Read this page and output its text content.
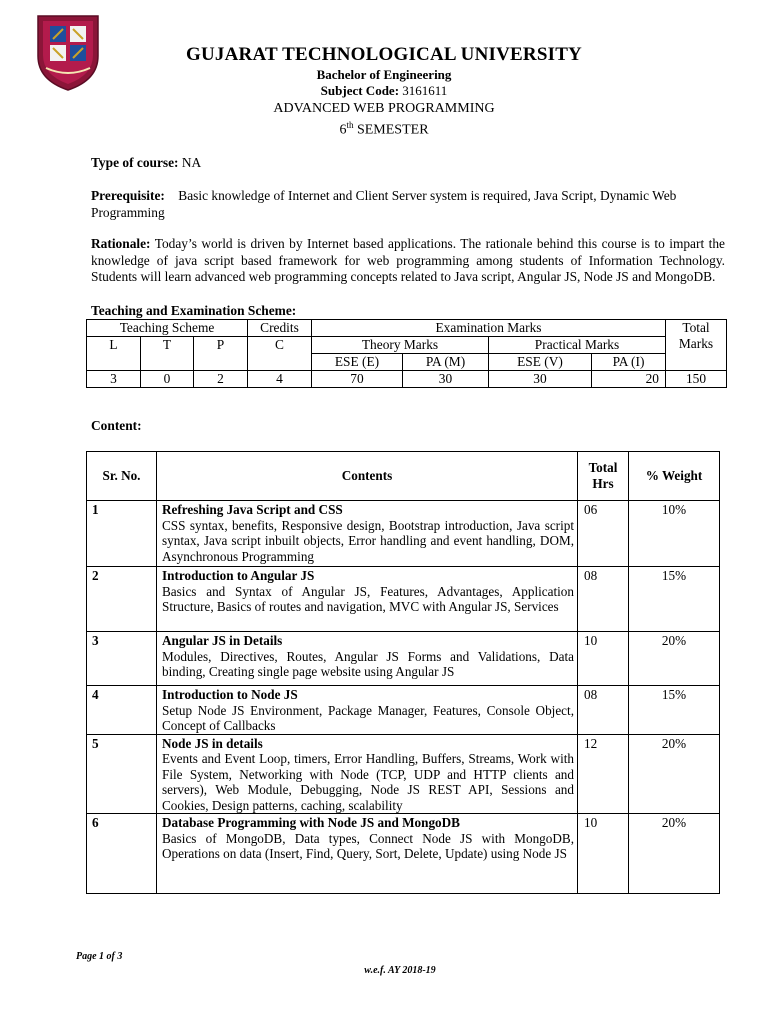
GUJARAT TECHNOLOGICAL UNIVERSITY
Bachelor of Engineering
Subject Code: 3161611
ADVANCED WEB PROGRAMMING
6th SEMESTER
Type of course: NA
Prerequisite:    Basic knowledge of Internet and Client Server system is required, Java Script, Dynamic Web Programming
Rationale: Today’s world is driven by Internet based applications. The rationale behind this course is to impart the knowledge of java script based framework for web programming among students of Information Technology. Students will learn advanced web programming concepts related to Java script, Angular JS, Node JS and MongoDB.
Teaching and Examination Scheme:
Teaching Scheme			Credits	Examination Marks				Total Marks
L	T	P	C	Theory Marks		Practical Marks		
				ESE (E)	PA (M)	ESE (V)	PA (I)	
3	0	2	4	70	30	30	20	150
Content:
Sr. No.	Contents	Total Hrs	% Weight
1	Refreshing Java Script and CSS
CSS syntax, benefits, Responsive design, Bootstrap introduction, Java script syntax, Java script inbuilt objects, Error handling and event handling, DOM, Asynchronous Programming	06	10%
2	Introduction to Angular JS
Basics and Syntax of Angular JS, Features, Advantages, Application Structure, Basics of routes and navigation, MVC with Angular JS, Services	08	15%
3	Angular JS in Details
Modules, Directives, Routes, Angular JS Forms and Validations, Data binding, Creating single page website using Angular JS	10	20%
4	Introduction to Node JS
Setup Node JS Environment, Package Manager, Features, Console Object, Concept of Callbacks	08	15%
5	Node JS in details
Events and Event Loop, timers, Error Handling, Buffers, Streams, Work with File System, Networking with Node (TCP, UDP and HTTP clients and servers), Web Module, Debugging, Node JS REST API, Sessions and Cookies, Design patterns, caching, scalability	12	20%
6	Database Programming with Node JS and MongoDB
Basics of MongoDB, Data types, Connect Node JS with MongoDB, Operations on data (Insert, Find, Query, Sort, Delete, Update) using Node JS	10	20%
Page 1 of 3
w.e.f. AY 2018-19
